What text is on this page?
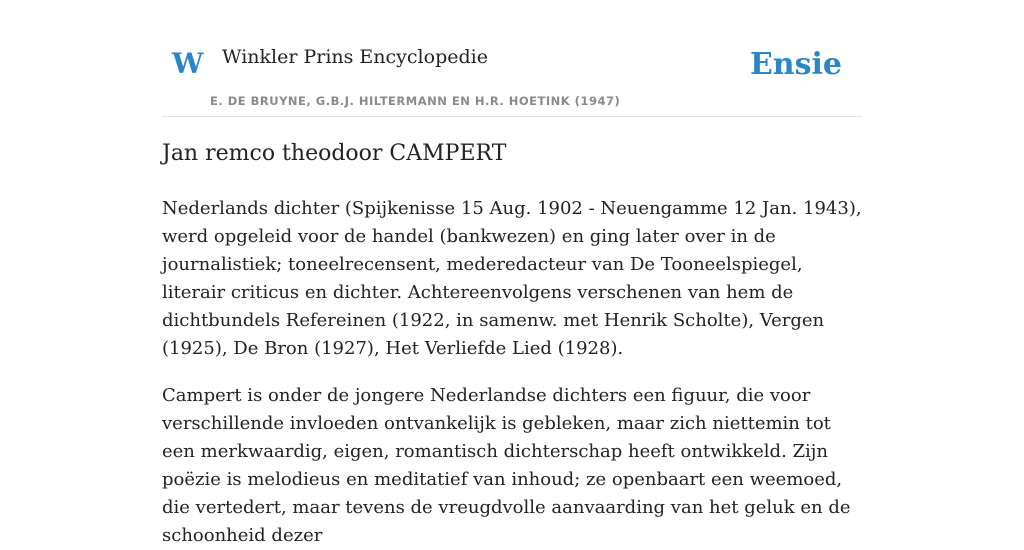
W Winkler Prins Encyclopedie
E. DE BRUYNE, G.B.J. HILTERMANN EN H.R. HOETINK (1947)
Ensie
Jan remco theodoor CAMPERT

Nederlands dichter (Spijkenisse 15 Aug. 1902 - Neuengamme 12 Jan. 1943), werd opgeleid voor de handel (bankwezen) en ging later over in de journalistiek; toneelrecensent, mederedacteur van De Tooneelspiegel, literair criticus en dichter. Achtereenvolgens verschenen van hem de dichtbundels Refereinen (1922, in samenw. met Henrik Scholte), Vergen (1925), De Bron (1927), Het Verliefde Lied (1928).

Campert is onder de jongere Nederlandse dichters een figuur, die voor verschillende invloeden ontvankelijk is gebleken, maar zich niettemin tot een merkwaardig, eigen, romantisch dichterschap heeft ontwikkeld. Zijn poëzie is melodieus en meditatief van inhoud; ze openbaart een weemoed, die vertedert, maar tevens de vreugdvolle aanvaarding van het geluk en de schoonheid dezer
